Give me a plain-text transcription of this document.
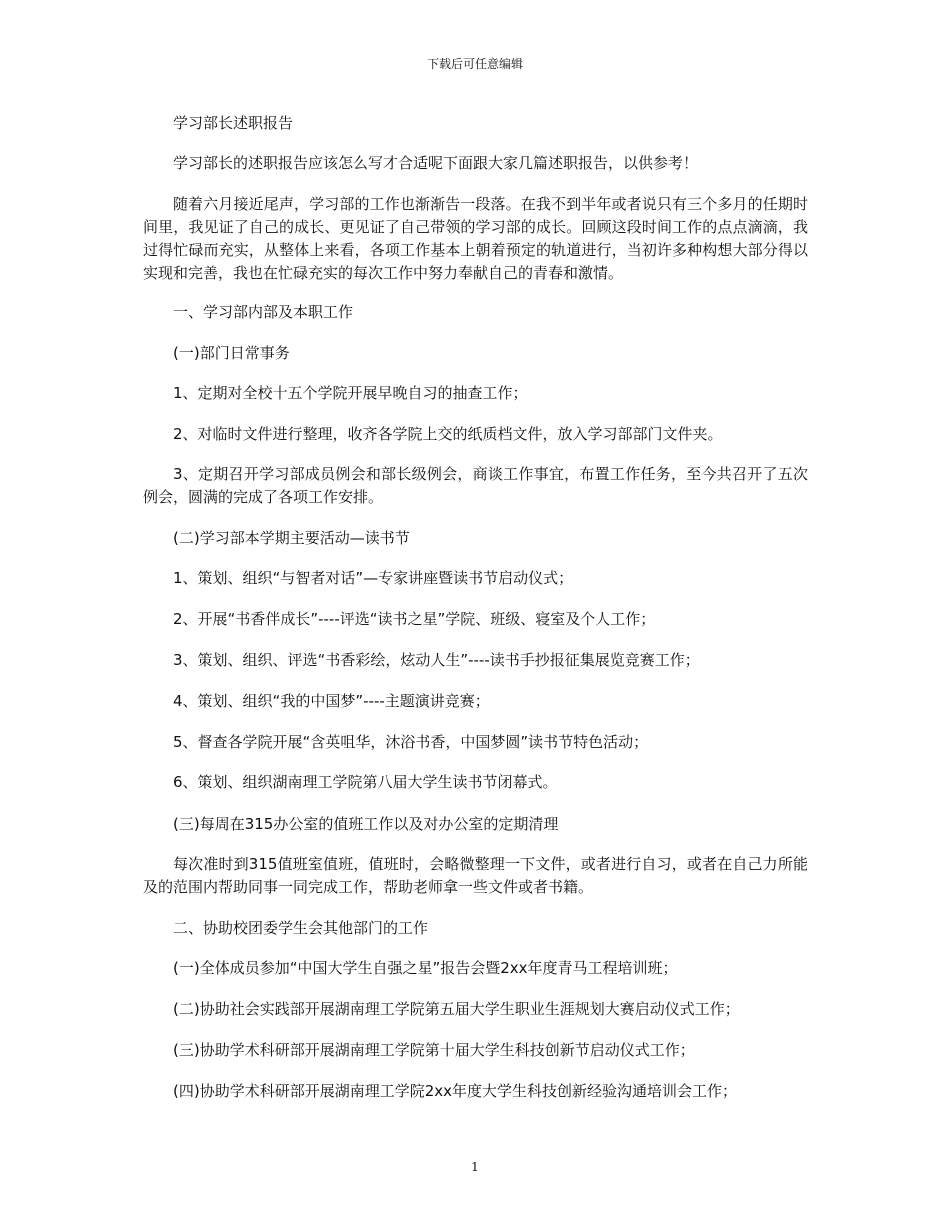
下载后可任意编辑

学习部长述职报告

学习部长的述职报告应该怎么写才合适呢下面跟大家几篇述职报告，以供参考！

随着六月接近尾声，学习部的工作也渐渐告一段落。在我不到半年或者说只有三个多月的任期时间里，我见证了自己的成长、更见证了自己带领的学习部的成长。回顾这段时间工作的点点滴滴，我过得忙碌而充实，从整体上来看，各项工作基本上朝着预定的轨道进行，当初许多种构想大部分得以实现和完善，我也在忙碌充实的每次工作中努力奉献自己的青春和激情。

一、学习部内部及本职工作

(一)部门日常事务

1、定期对全校十五个学院开展早晚自习的抽查工作；

2、对临时文件进行整理，收齐各学院上交的纸质档文件，放入学习部部门文件夹。

3、定期召开学习部成员例会和部长级例会，商谈工作事宜，布置工作任务，至今共召开了五次例会，圆满的完成了各项工作安排。

(二)学习部本学期主要活动—读书节

1、策划、组织“与智者对话”—专家讲座暨读书节启动仪式；

2、开展“书香伴成长”----评选“读书之星”学院、班级、寝室及个人工作；

3、策划、组织、评选“书香彩绘，炫动人生”----读书手抄报征集展览竞赛工作；

4、策划、组织“我的中国梦”----主题演讲竞赛；

5、督查各学院开展“含英咀华，沐浴书香，中国梦圆”读书节特色活动；

6、策划、组织湖南理工学院第八届大学生读书节闭幕式。

(三)每周在315办公室的值班工作以及对办公室的定期清理

每次准时到315值班室值班，值班时，会略微整理一下文件，或者进行自习，或者在自己力所能及的范围内帮助同事一同完成工作，帮助老师拿一些文件或者书籍。

二、协助校团委学生会其他部门的工作

(一)全体成员参加“中国大学生自强之星”报告会暨2xx年度青马工程培训班；

(二)协助社会实践部开展湖南理工学院第五届大学生职业生涯规划大赛启动仪式工作；

(三)协助学术科研部开展湖南理工学院第十届大学生科技创新节启动仪式工作；

(四)协助学术科研部开展湖南理工学院2xx年度大学生科技创新经验沟通培训会工作；

1
